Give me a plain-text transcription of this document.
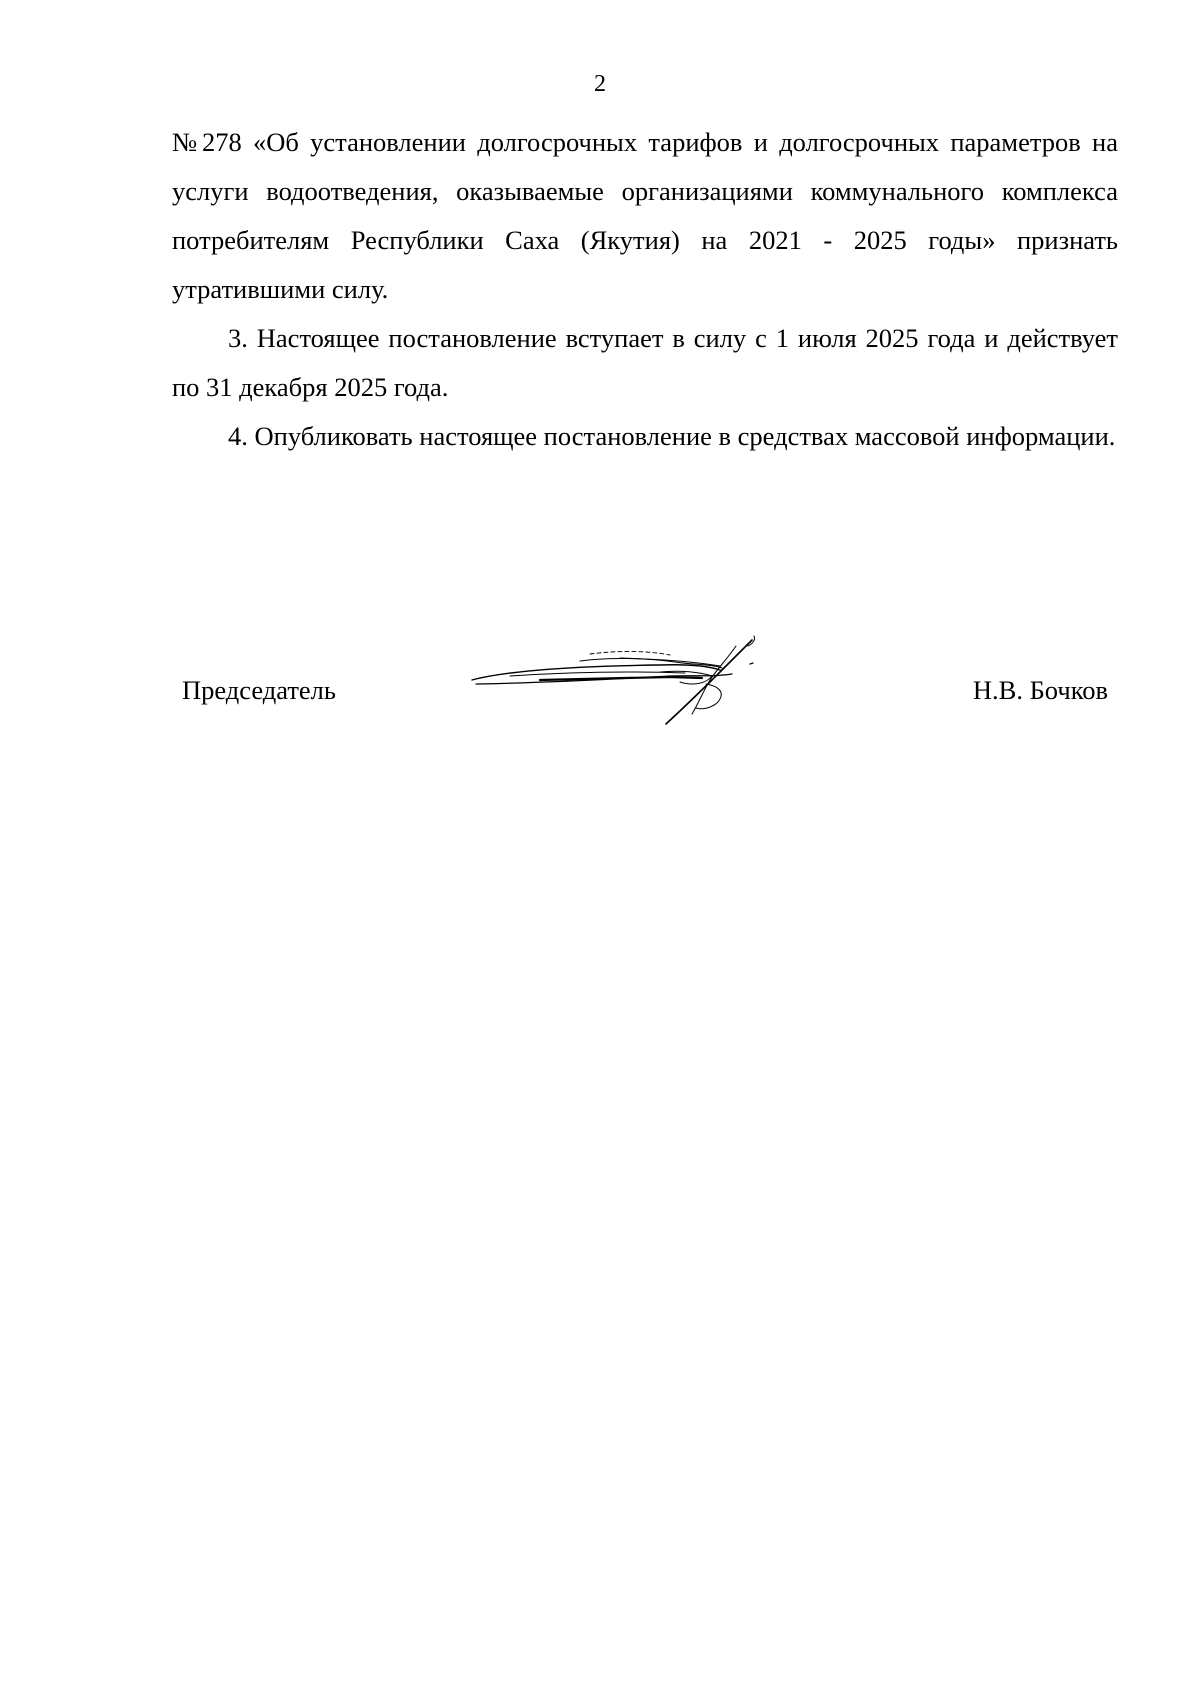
2

№278 «Об установлении долгосрочных тарифов и долгосрочных параметров на услуги водоотведения, оказываемые организациями коммунального комплекса потребителям Республики Саха (Якутия) на 2021 - 2025 годы» признать утратившими силу.

3. Настоящее постановление вступает в силу с 1 июля 2025 года и действует по 31 декабря 2025 года.

4. Опубликовать настоящее постановление в средствах массовой информации.

Председатель	Н.В. Бочков
